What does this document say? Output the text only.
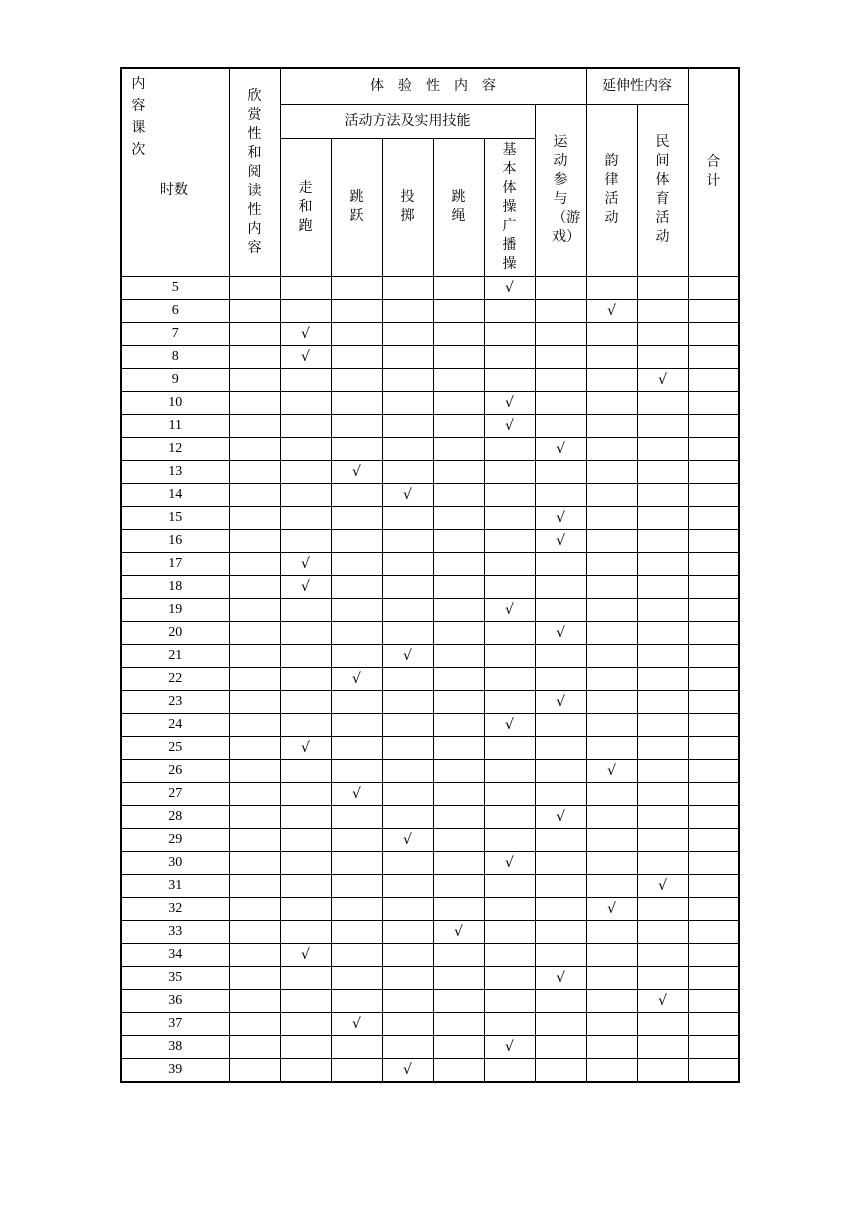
内容课次
时数	欣赏性和阅读性内容	体　验　性　内　容						延伸性内容		合计
		活动方法及实用技能					运动参与（游戏）	韵律活动	民间体育活动	
		走和跑	跳跃	投掷	跳绳	基本体操广播操				
5						√				
6								√		
7		√								
8		√								
9									√	
10						√				
11						√				
12							√			
13			√							
14				√						
15							√			
16							√			
17		√								
18		√								
19						√				
20							√			
21				√						
22			√							
23							√			
24						√				
25		√								
26								√		
27			√							
28							√			
29				√						
30						√				
31									√	
32								√		
33					√					
34		√								
35							√			
36									√	
37			√							
38						√				
39				√						
